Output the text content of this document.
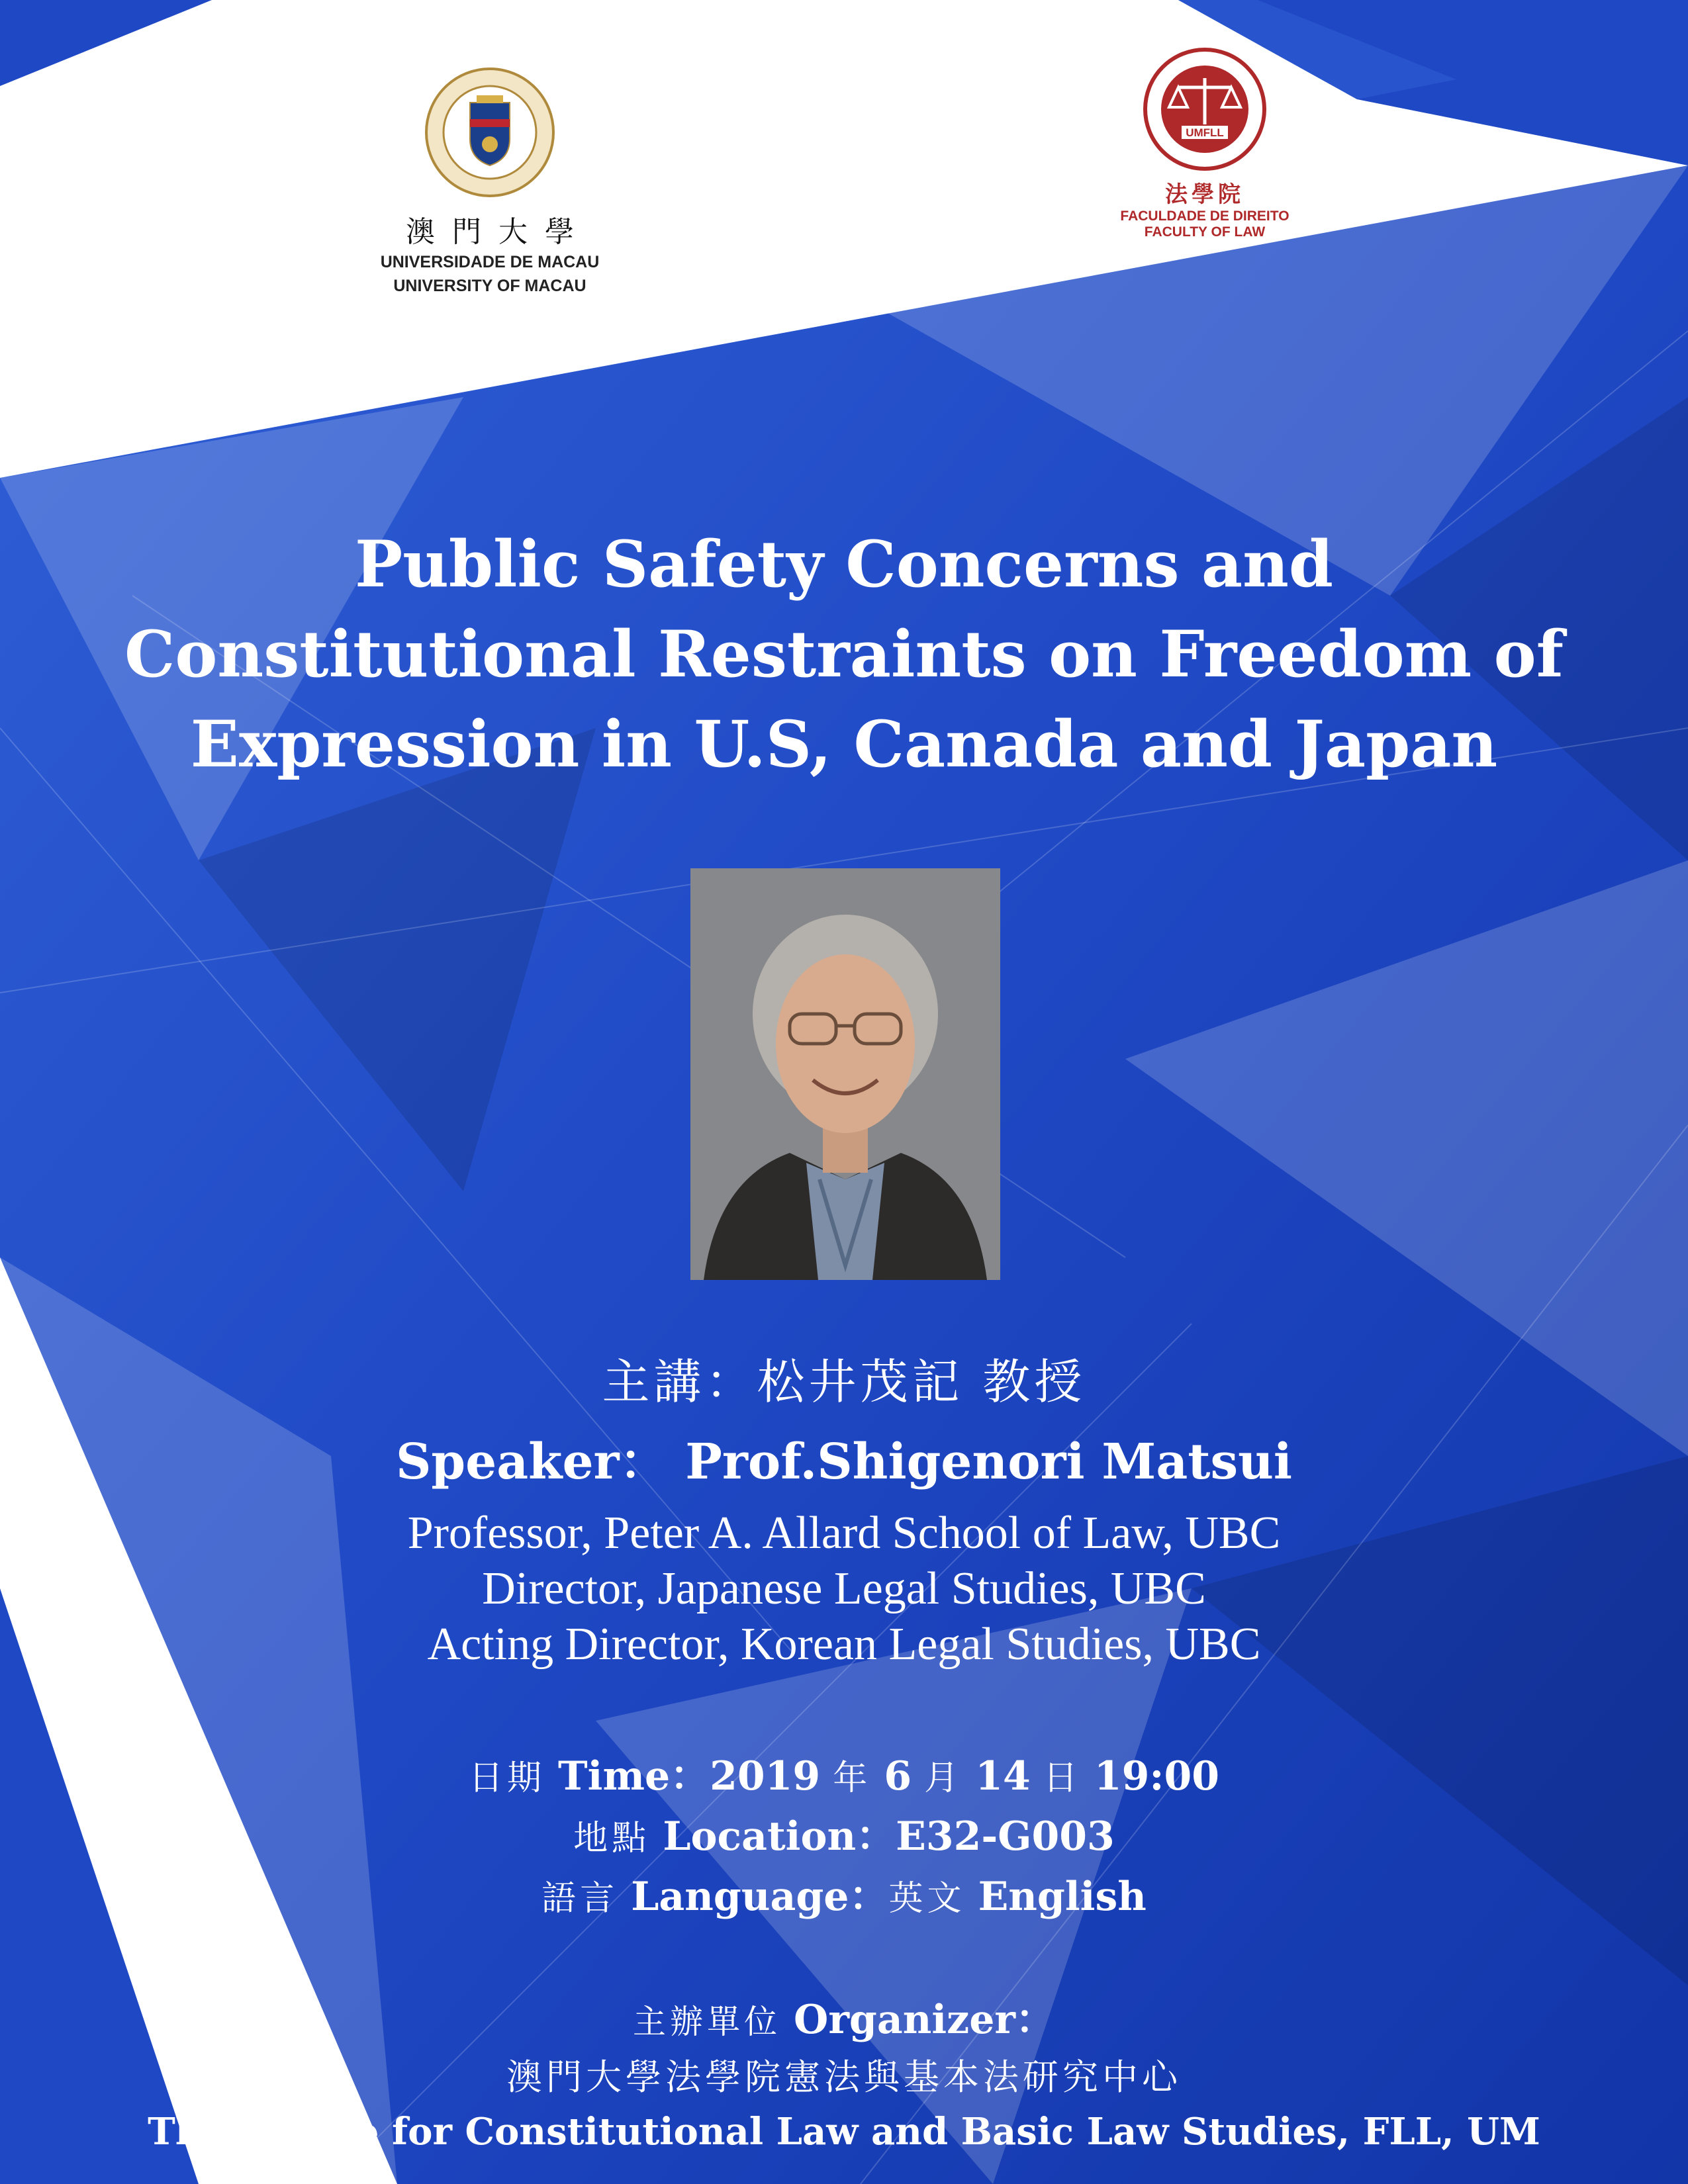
澳門大學
UNIVERSIDADE DE MACAU
UNIVERSITY OF MACAU
UMFLL
法學院
FACULDADE DE DIREITO
FACULTY OF LAW
Public Safety Concerns and
Constitutional Restraints on Freedom of
Expression in U.S, Canada and Japan
主講：松井茂記 教授
Speaker： Prof.Shigenori Matsui
Professor, Peter A. Allard School of Law, UBC
Director, Japanese Legal Studies, UBC
Acting Director, Korean Legal Studies, UBC
日期 Time：2019 年 6 月 14 日 19:00
地點 Location：E32-G003
語言 Language：英文 English
主辦單位 Organizer：
澳門大學法學院憲法與基本法研究中心
The Centre for Constitutional Law and Basic Law Studies, FLL, UM
